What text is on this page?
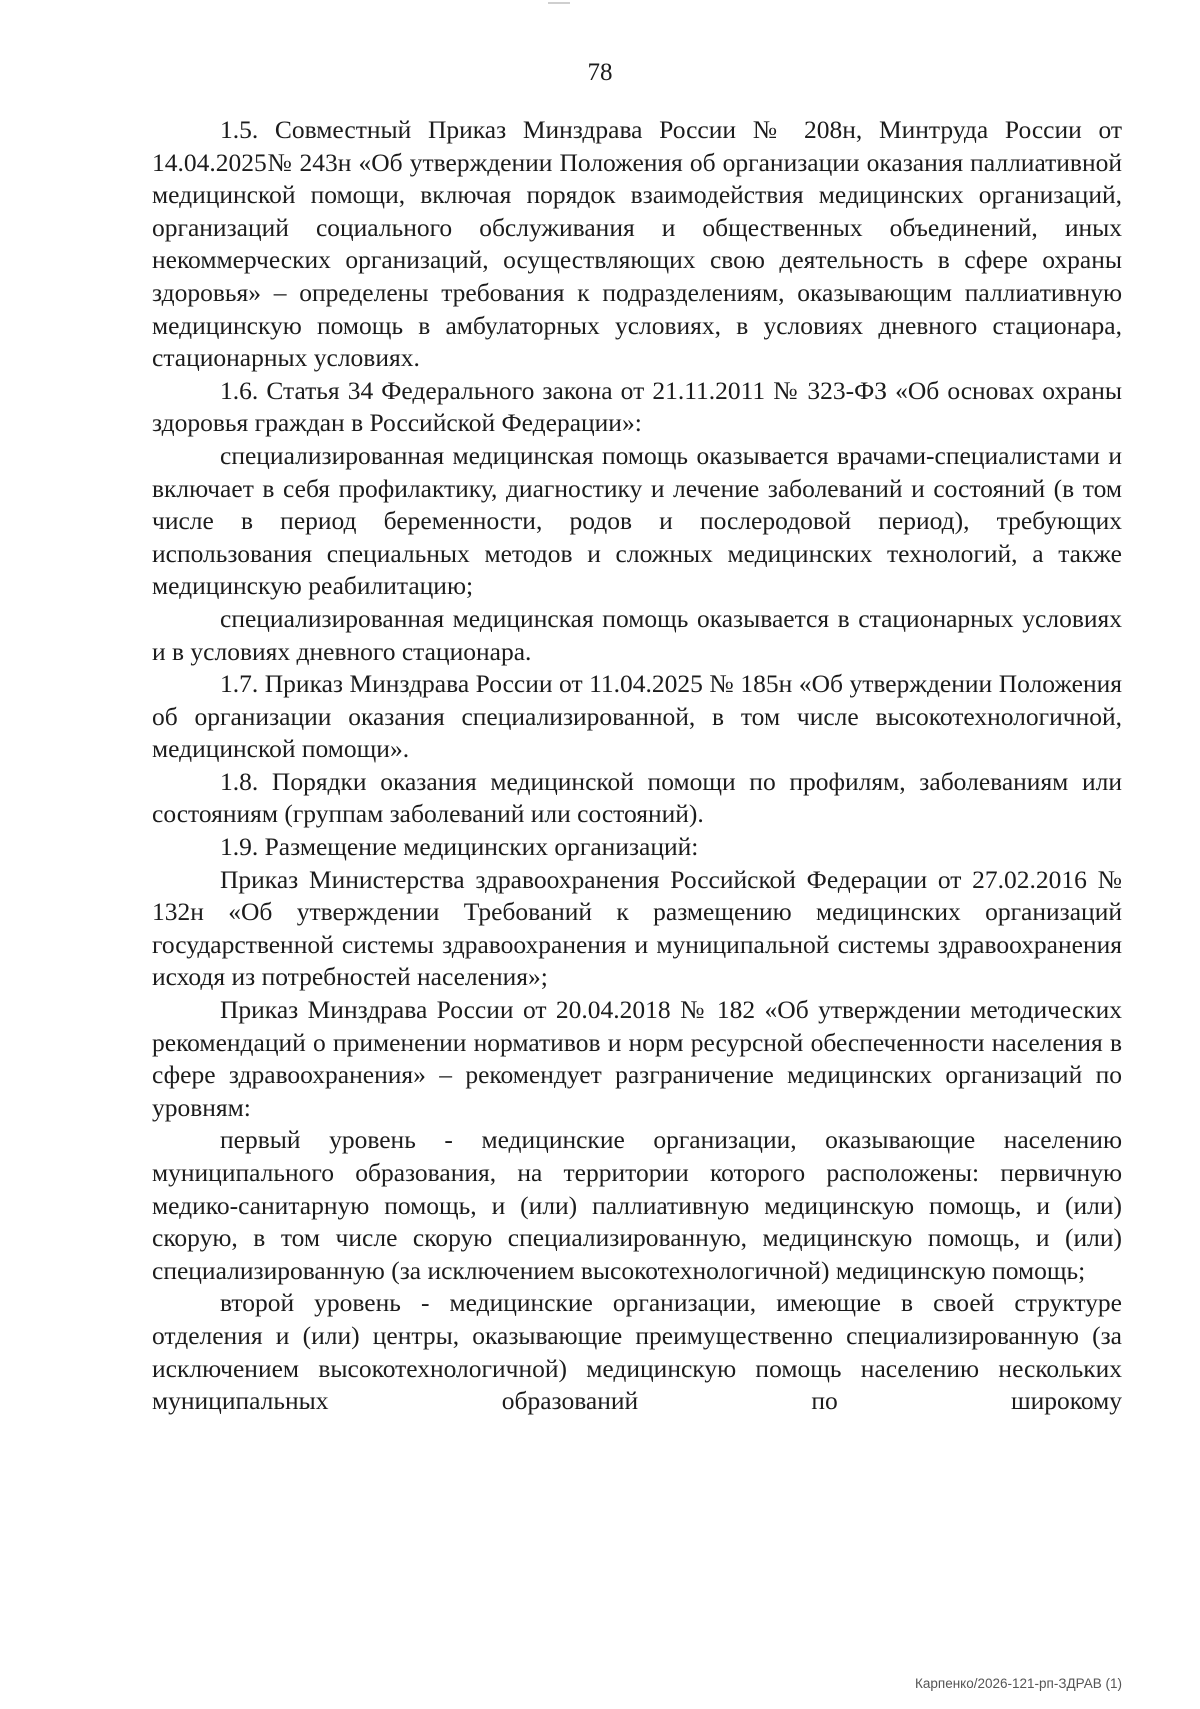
78

1.5. Совместный Приказ Минздрава России № 208н, Минтруда России от 14.04.2025№ 243н «Об утверждении Положения об организации оказания паллиативной медицинской помощи, включая порядок взаимодействия медицинских организаций, организаций социального обслуживания и общественных объединений, иных некоммерческих организаций, осуществляющих свою деятельность в сфере охраны здоровья» – определены требования к подразделениям, оказывающим паллиативную медицинскую помощь в амбулаторных условиях, в условиях дневного стационара, стационарных условиях.

1.6. Статья 34 Федерального закона от 21.11.2011 № 323-ФЗ «Об основах охраны здоровья граждан в Российской Федерации»:

специализированная медицинская помощь оказывается врачами-специалистами и включает в себя профилактику, диагностику и лечение заболеваний и состояний (в том числе в период беременности, родов и послеродовой период), требующих использования специальных методов и сложных медицинских технологий, а также медицинскую реабилитацию;

специализированная медицинская помощь оказывается в стационарных условиях и в условиях дневного стационара.

1.7. Приказ Минздрава России от 11.04.2025 № 185н «Об утверждении Положения об организации оказания специализированной, в том числе высокотехнологичной, медицинской помощи».

1.8. Порядки оказания медицинской помощи по профилям, заболеваниям или состояниям (группам заболеваний или состояний).

1.9. Размещение медицинских организаций:

Приказ Министерства здравоохранения Российской Федерации от 27.02.2016 № 132н «Об утверждении Требований к размещению медицинских организаций государственной системы здравоохранения и муниципальной системы здравоохранения исходя из потребностей населения»;

Приказ Минздрава России от 20.04.2018 № 182 «Об утверждении методических рекомендаций о применении нормативов и норм ресурсной обеспеченности населения в сфере здравоохранения» – рекомендует разграничение медицинских организаций по уровням:

первый уровень - медицинские организации, оказывающие населению муниципального образования, на территории которого расположены: первичную медико-санитарную помощь, и (или) паллиативную медицинскую помощь, и (или) скорую, в том числе скорую специализированную, медицинскую помощь, и (или) специализированную (за исключением высокотехнологичной) медицинскую помощь;

второй уровень - медицинские организации, имеющие в своей структуре отделения и (или) центры, оказывающие преимущественно специализированную (за исключением высокотехнологичной) медицинскую помощь населению нескольких муниципальных образований по широкому

Карпенко/2026-121-рп-ЗДРАВ (1)
